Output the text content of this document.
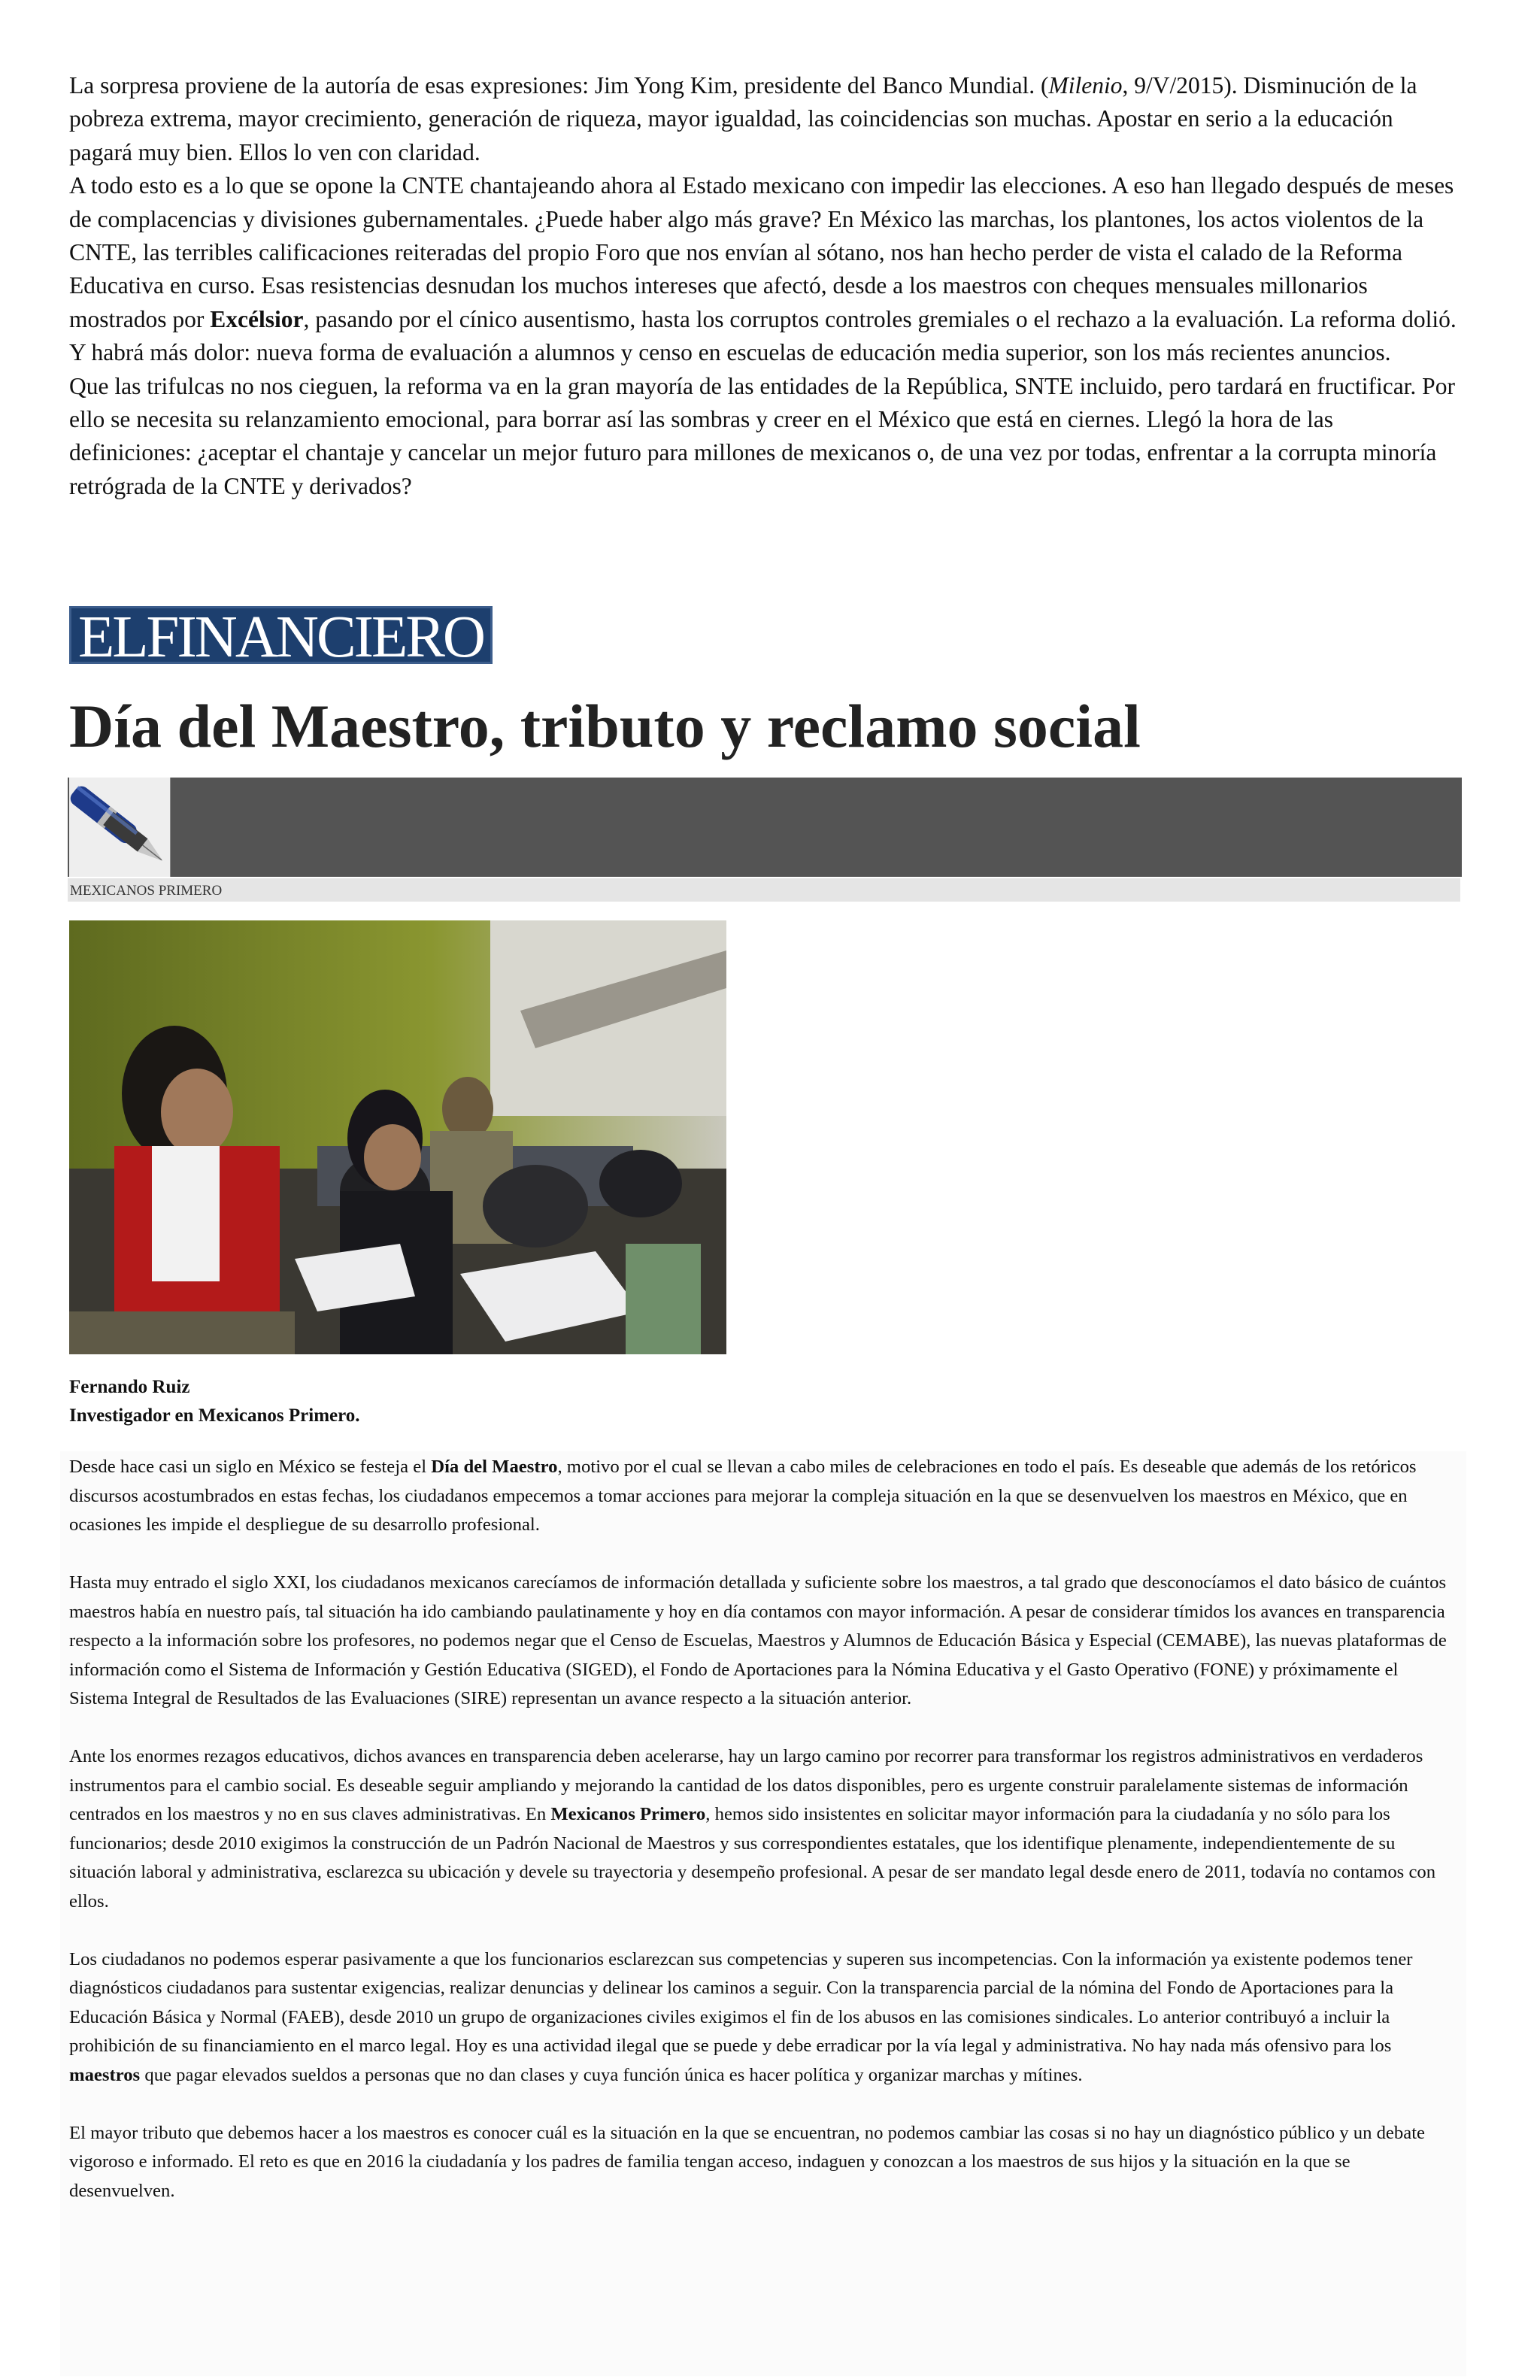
La sorpresa proviene de la autoría de esas expresiones: Jim Yong Kim, presidente del Banco Mundial. (Milenio, 9/V/2015). Disminución de la pobreza extrema, mayor crecimiento, generación de riqueza, mayor igualdad, las coincidencias son muchas. Apostar en serio a la educación pagará muy bien. Ellos lo ven con claridad.

A todo esto es a lo que se opone la CNTE chantajeando ahora al Estado mexicano con impedir las elecciones. A eso han llegado después de meses de complacencias y divisiones gubernamentales. ¿Puede haber algo más grave? En México las marchas, los plantones, los actos violentos de la CNTE, las terribles calificaciones reiteradas del propio Foro que nos envían al sótano, nos han hecho perder de vista el calado de la Reforma Educativa en curso. Esas resistencias desnudan los muchos intereses que afectó, desde a los maestros con cheques mensuales millonarios mostrados por Excélsior, pasando por el cínico ausentismo, hasta los corruptos controles gremiales o el rechazo a la evaluación. La reforma dolió. Y habrá más dolor: nueva forma de evaluación a alumnos y censo en escuelas de educación media superior, son los más recientes anuncios.

Que las trifulcas no nos cieguen, la reforma va en la gran mayoría de las entidades de la República, SNTE incluido, pero tardará en fructificar. Por ello se necesita su relanzamiento emocional, para borrar así las sombras y creer en el México que está en ciernes. Llegó la hora de las definiciones: ¿aceptar el chantaje y cancelar un mejor futuro para millones de mexicanos o, de una vez por todas, enfrentar a la corrupta minoría retrógrada de la CNTE y derivados?

ELFINANCIERO
Día del Maestro, tributo y reclamo social
MEXICANOS PRIMERO
Fernando Ruiz
Investigador en Mexicanos Primero.

Desde hace casi un siglo en México se festeja el Día del Maestro, motivo por el cual se llevan a cabo miles de celebraciones en todo el país. Es deseable que además de los retóricos discursos acostumbrados en estas fechas, los ciudadanos empecemos a tomar acciones para mejorar la compleja situación en la que se desenvuelven los maestros en México, que en ocasiones les impide el despliegue de su desarrollo profesional.

Hasta muy entrado el siglo XXI, los ciudadanos mexicanos carecíamos de información detallada y suficiente sobre los maestros, a tal grado que desconocíamos el dato básico de cuántos maestros había en nuestro país, tal situación ha ido cambiando paulatinamente y hoy en día contamos con mayor información. A pesar de considerar tímidos los avances en transparencia respecto a la información sobre los profesores, no podemos negar que el Censo de Escuelas, Maestros y Alumnos de Educación Básica y Especial (CEMABE), las nuevas plataformas de información como el Sistema de Información y Gestión Educativa (SIGED), el Fondo de Aportaciones para la Nómina Educativa y el Gasto Operativo (FONE) y próximamente el Sistema Integral de Resultados de las Evaluaciones (SIRE) representan un avance respecto a la situación anterior.

Ante los enormes rezagos educativos, dichos avances en transparencia deben acelerarse, hay un largo camino por recorrer para transformar los registros administrativos en verdaderos instrumentos para el cambio social. Es deseable seguir ampliando y mejorando la cantidad de los datos disponibles, pero es urgente construir paralelamente sistemas de información centrados en los maestros y no en sus claves administrativas. En Mexicanos Primero, hemos sido insistentes en solicitar mayor información para la ciudadanía y no sólo para los funcionarios; desde 2010 exigimos la construcción de un Padrón Nacional de Maestros y sus correspondientes estatales, que los identifique plenamente, independientemente de su situación laboral y administrativa, esclarezca su ubicación y devele su trayectoria y desempeño profesional. A pesar de ser mandato legal desde enero de 2011, todavía no contamos con ellos.

Los ciudadanos no podemos esperar pasivamente a que los funcionarios esclarezcan sus competencias y superen sus incompetencias. Con la información ya existente podemos tener diagnósticos ciudadanos para sustentar exigencias, realizar denuncias y delinear los caminos a seguir. Con la transparencia parcial de la nómina del Fondo de Aportaciones para la Educación Básica y Normal (FAEB), desde 2010 un grupo de organizaciones civiles exigimos el fin de los abusos en las comisiones sindicales. Lo anterior contribuyó a incluir la prohibición de su financiamiento en el marco legal. Hoy es una actividad ilegal que se puede y debe erradicar por la vía legal y administrativa. No hay nada más ofensivo para los maestros que pagar elevados sueldos a personas que no dan clases y cuya función única es hacer política y organizar marchas y mítines.

El mayor tributo que debemos hacer a los maestros es conocer cuál es la situación en la que se encuentran, no podemos cambiar las cosas si no hay un diagnóstico público y un debate vigoroso e informado. El reto es que en 2016 la ciudadanía y los padres de familia tengan acceso, indaguen y conozcan a los maestros de sus hijos y la situación en la que se desenvuelven.
